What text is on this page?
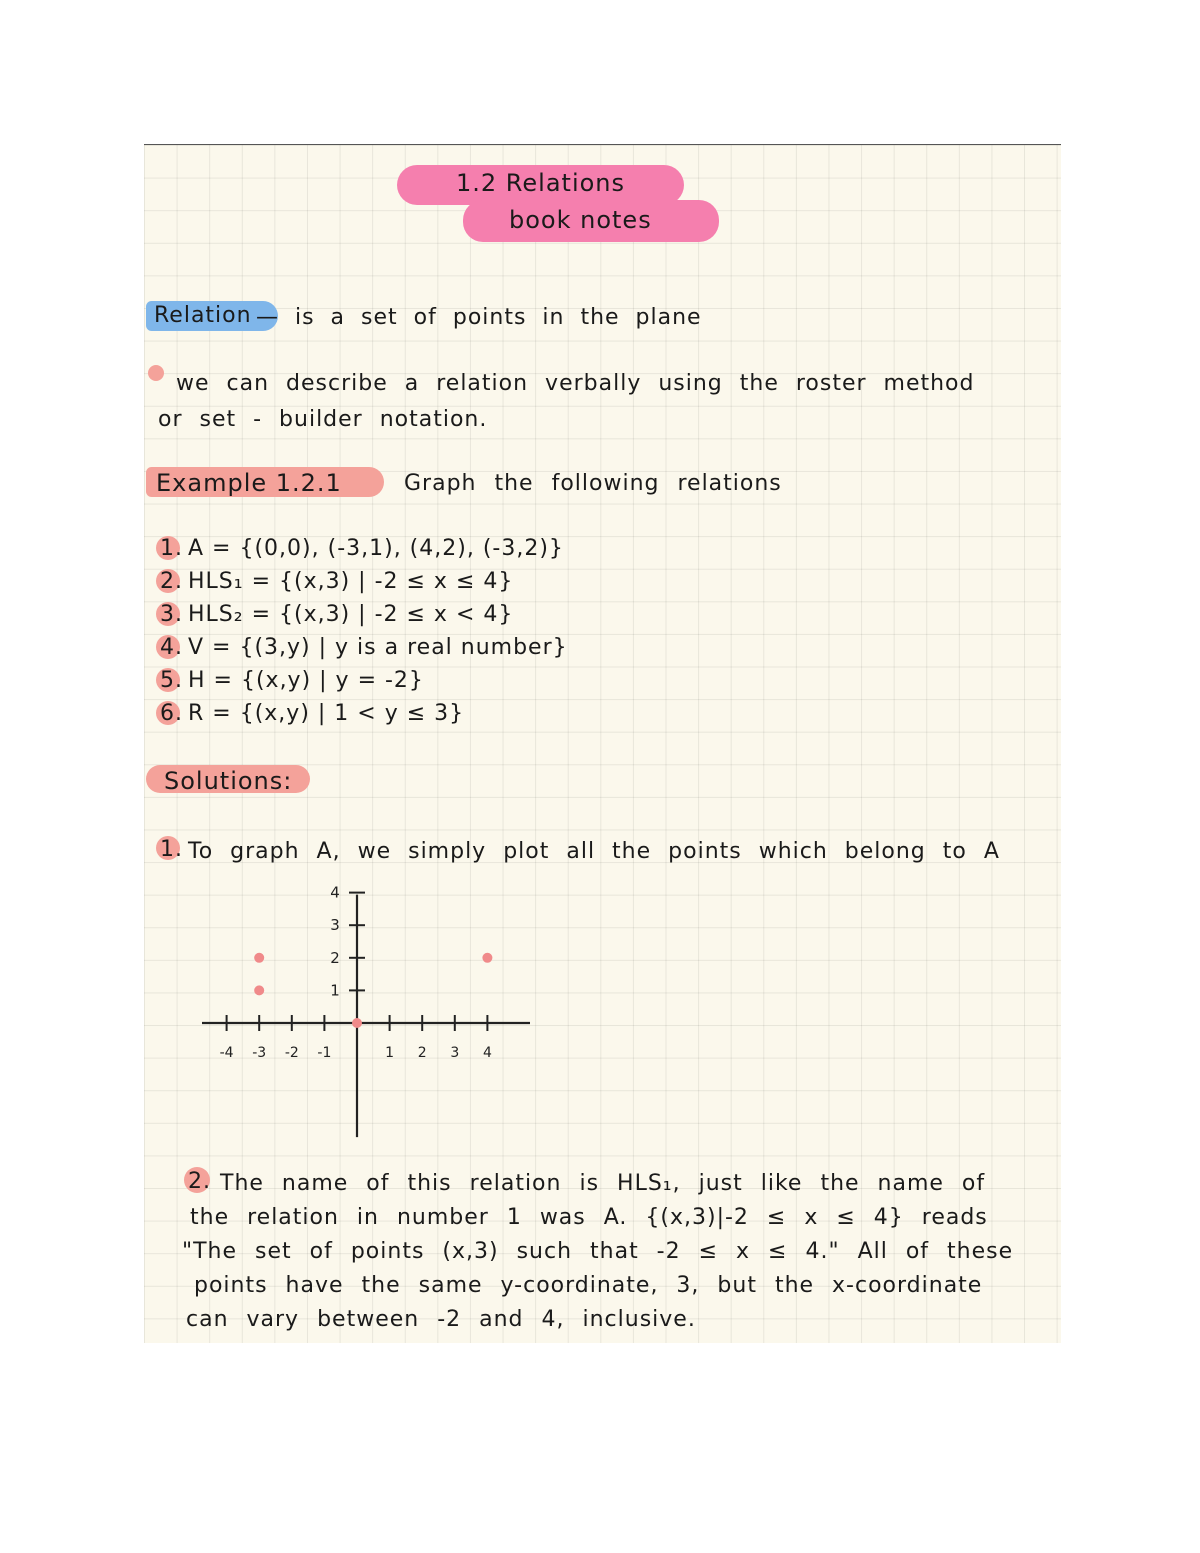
1.2 Relations
book notes
Relation — is a set of points in the plane
we can describe a relation verbally using the roster method
or set - builder notation.
Example 1.2.1	Graph the following relations
1. A = {(0,0), (-3,1), (4,2), (-3,2)}
2. HLS₁ = {(x,3) | -2 ≤ x ≤ 4}
3. HLS₂ = {(x,3) | -2 ≤ x < 4}
4. V = {(3,y) | y is a real number}
5. H = {(x,y) | y = -2}
6. R = {(x,y) | 1 < y ≤ 3}
Solutions:
1. To graph A, we simply plot all the points which belong to A
-4 -3 -2 -1	1 2 3 4
1
2
3
4
2. The name of this relation is HLS₁, just like the name of
the relation in number 1 was A. {(x,3)|-2 ≤ x ≤ 4} reads
"The set of points (x,3) such that -2 ≤ x ≤ 4." All of these
points have the same y-coordinate, 3, but the x-coordinate
can vary between -2 and 4, inclusive.
